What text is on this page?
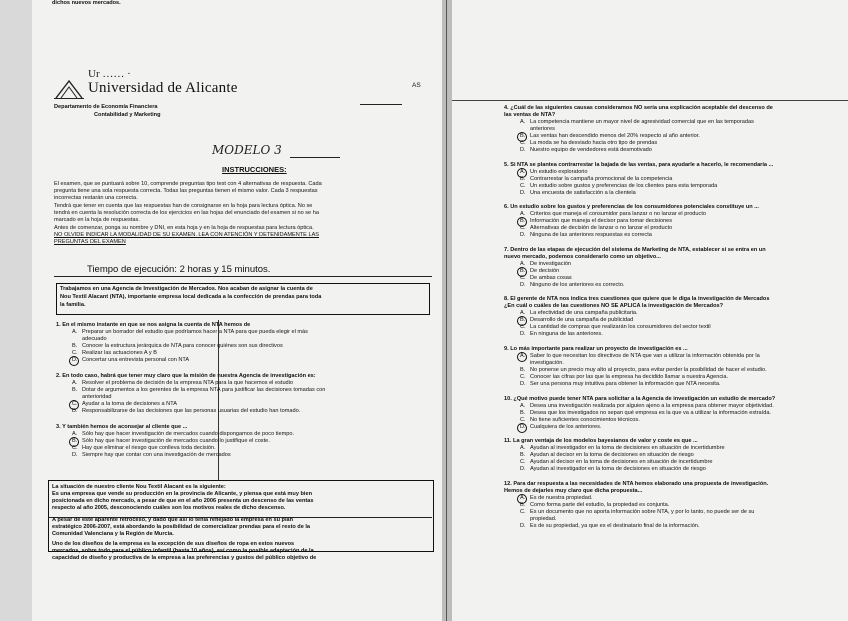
Ur …… ·
Universidad de Alicante
Departamento de Economía Financiera
Contabilidad y Marketing
AS
MODELO 3
INSTRUCCIONES:
El examen, que se puntuará sobre 10, comprende preguntas tipo test con 4 alternativas de respuesta. Cada
pregunta tiene una sola respuesta correcta. Todas las preguntas tienen el mismo valor. Cada 3 respuestas
incorrectas restarán una correcta.
Tendrá que tener en cuenta que las respuestas han de consignarse en la hoja para lectura óptica. No se
tendrá en cuenta la resolución correcta de los ejercicios en las hojas del enunciado del examen si no se ha
marcado en la hoja de respuestas.
Antes de comenzar, ponga su nombre y DNI, en esta hoja y en la hoja de respuestas para lectura óptica.
NO OLVIDE INDICAR LA MODALIDAD DE SU EXAMEN. LEA CON ATENCIÓN Y DETENIDAMENTE LAS
PREGUNTAS DEL EXAMEN
Tiempo de ejecución: 2 horas y 15 minutos.
Trabajamos en una Agencia de Investigación de Mercados. Nos acaban de asignar la cuenta de
Nou Textil Alacant (NTA), importante empresa local dedicada a la confección de prendas para toda
la familia.
1. En el mismo instante en que se nos asigna la cuenta de NTA hemos de
A. Preparar un borrador del estudio que podríamos hacer a NTA para que pueda elegir el más
adecuado
B. Conocer la estructura jerárquica de NTA para conocer quiénes son sus directivos
C. Realizar las actuaciones A y B
D. Concertar una entrevista personal con NTA
2. En todo caso, habrá que tener muy claro que la misión de nuestra Agencia de investigación es:
A. Resolver el problema de decisión de la empresa NTA para la que hacemos el estudio
B. Dotar de argumentos a los gerentes de la empresa NTA para justificar las decisiones tomadas con
anterioridad
C. Ayudar a la toma de decisiones a NTA
D. Responsabilizarse de las decisiones que las personas usuarias del estudio han tomado.
3. Y también hemos de aconsejar al cliente que ...
A. Sólo hay que hacer investigación de mercados cuando dispongamos de poco tiempo.
B. Sólo hay que hacer investigación de mercados cuando lo justifique el coste.
C. Hay que eliminar el riesgo que conlleva toda decisión.
D. Siempre hay que contar con una investigación de mercados
Es una empresa que vende su producción en la provincia de Alicante, y piensa que está muy bien
posicionada en dicho mercado, a pesar de que en el año 2006 presenta un descenso de las ventas
respecto al año 2005, desconociendo cuáles son los motivos reales de dicho descenso.
A pesar de este aparente retroceso, y dado que así lo tenía reflejado la empresa en su plan
estratégico 2006-2007, está abordando la posibilidad de comercializar prendas para el resto de la
Comunidad Valenciana y la Región de Murcia.
Uno de los diseños de la empresa es la excepción de sus diseños de ropa en estos nuevos
mercados, sobre todo para el público infantil (hasta 10 años), así como la posible adaptación de la
capacidad de diseño y productiva de la empresa a las preferencias y gustos del público objetivo de
dichos nuevos mercados.
La situación de nuestro cliente Nou Textil Alacant es la siguiente:
4. ¿Cuál de las siguientes causas consideramos NO sería una explicación aceptable del descenso de
las ventas de NTA?
A. La competencia mantiene un mayor nivel de agresividad comercial que en las temporadas
anteriores
B. Las ventas han descendido menos del 20% respecto al año anterior.
C. La moda se ha desviado hacia otro tipo de prendas
D. Nuestro equipo de vendedores está desmotivado
5. Si NTA se plantea contrarrestar la bajada de las ventas, para ayudarle a hacerlo, le recomendaría ...
A. Un estudio exploratorio
B. Contrarrestar la campaña promocional de la competencia
C. Un estudio sobre gustos y preferencias de los clientes para esta temporada
D. Una encuesta de satisfacción a la clientela
6. Un estudio sobre los gustos y preferencias de los consumidores potenciales constituye un ...
A. Criterios que maneja el consumidor para lanzar o no lanzar el producto
B. Información que maneja el decisor para tomar decisiones
C. Alternativas de decisión de lanzar o no lanzar el producto
D. Ninguna de las anteriores respuestas es correcta
7. Dentro de las etapas de ejecución del sistema de Marketing de NTA, establecer si se entra en un
nuevo mercado, podemos considerarlo como un objetivo...
A. De investigación
B. De decisión
C. De ambas cosas
D. Ninguno de los anteriores es correcto.
8. El gerente de NTA nos indica tres cuestiones que quiere que le diga la investigación de Mercados
¿En cuál o cuáles de las cuestiones NO SE APLICA la investigación de Mercados?
A. La efectividad de una campaña publicitaria.
B. Desarrollo de una campaña de publicidad
C. La cantidad de compras que realizarán los consumidores del sector textil
D. En ninguna de las anteriores.
9. Lo más importante para realizar un proyecto de investigación es ...
A. Saber lo que necesitan los directivos de NTA que van a utilizar la información obtenida por la
investigación.
B. No ponerse un precio muy alto al proyecto, para evitar perder la posibilidad de hacer el estudio.
C. Conocer las cifras por las que la empresa ha decidido llamar a nuestra Agencia.
D. Ser una persona muy intuitiva para obtener la información que NTA necesita.
10. ¿Qué motivo puede tener NTA para solicitar a la Agencia de investigación un estudio de mercado?
A. Desea una investigación realizada por alguien ajeno a la empresa para obtener mayor objetividad.
B. Desea que los investigados no sepan qué empresa es la que va a utilizar la información extraída.
C. No tiene suficientes conocimientos técnicos.
D. Cualquiera de los anteriores.
11. La gran ventaja de los modelos bayesianos de valor y coste es que ...
A. Ayudan al investigador en la toma de decisiones en situación de incertidumbre
B. Ayudan al decisor en la toma de decisiones en situación de riesgo
C. Ayudan al decisor en la toma de decisiones en situación de incertidumbre
D. Ayudan al investigador en la toma de decisiones en situación de riesgo
12. Para dar respuesta a las necesidades de NTA hemos elaborado una propuesta de investigación.
Hemos de dejarles muy claro que dicha propuesta...
A. Es de nuestra propiedad.
B. Como forma parte del estudio, la propiedad es conjunta.
C. Es un documento que no aporta información sobre NTA, y por lo tanto, no puede ser de su
propiedad.
D. Es de su propiedad, ya que es el destinatario final de la información.
